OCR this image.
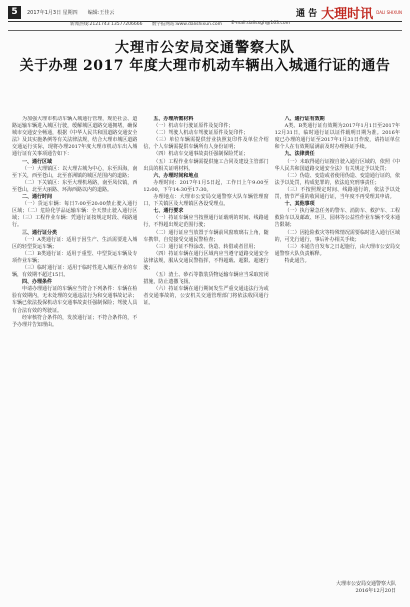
5	2017年1月3日 星期四 编辑:王佳云	通 告 大理时讯 DALI SHIXUN
新闻热线:2121743 13577206666 数字报网站:www.dalishixun.com E-mail:dalisxgh@163.com
大理市公安局交通警察大队
关于办理 2017 年度大理市机动车辆出入城通行证的通告

为加强大理市机动车辆入城通行管理，规范社会、道路运输车辆进入城区行驶，缓解城区道路交通拥堵，确保城市交通安全畅通，根据《中华人民共和国道路交通安全法》及其实施条例等有关法律法规，结合大理市城区道路交通运行实际，现将办理2017年度大理市机动车出入城通行证有关事项通告如下：

一、通行区域

（一）大理镇区：以大理古城为中心，东至洱海，南至下关，西至苍山，北至喜洲镇的城区范围内的道路；

（二）下关镇区：东至大理机场路，南至凤仪镇，西至苍山，北至大丽路、环海西路以内的道路。

二、通行时间

（一）货运车辆：每日7:00至20:00禁止驶入通行区域；（二）危险化学品运输车辆：全天禁止驶入通行区域；（三）工程作业车辆：凭通行证按规定时段、线路通行。

三、通行证分类

（一）A类通行证：适用于因生产、生活需要进入城区的轻型货运车辆；

（二）B类通行证：适用于重型、中型货运车辆及专项作业车辆；

（三）临时通行证：适用于临时性进入城区作业的车辆，有效期不超过15日。

四、办理条件

申请办理通行证的车辆应当符合下列条件：车辆在检验有效期内，无未处理的交通违法行为和交通事故记录；车辆已依法投保机动车交通事故责任强制保险；驾驶人具有合法有效的驾驶证。

经审核符合条件的，发放通行证；不符合条件的，不予办理并告知理由。

五、办理所需材料

（一）机动车行驶证原件及复印件；

（二）驾驶人机动车驾驶证原件及复印件；

（三）单位车辆需提供营业执照复印件及单位介绍信，个人车辆需提供车辆所有人身份证明；

（四）机动车交通事故责任强制保险凭证；

（五）工程作业车辆需提供施工合同及建设主管部门出具的相关证明材料。

六、办理时间和地点

办理时间：2017年1月5日起，工作日上午9:00至12:00，下午14:30至17:30。

办理地点：大理市公安局交通警察大队车辆管理窗口，下关镇区及大理镇区各设受理点。

七、通行要求

（一）持证车辆应当按照通行证载明的时间、线路通行，不得超出规定范围行驶；

（二）通行证应当放置于车辆前风窗玻璃右上角，随车携带，自觉接受交通民警检查；

（三）通行证不得涂改、伪造、转借或者冒用；

（四）持证车辆在通行区域内应当遵守道路交通安全法律法规，服从交通民警指挥，不得超载、超限、超速行驶；

（五）渣土、砂石等散装货物运输车辆应当采取密闭措施，防止遗撒飞扬。

（六）持证车辆在通行期间发生严重交通违法行为或者交通事故的，公安机关交通管理部门将依法收回通行证。

八、通行证有效期

A类、B类通行证有效期为2017年1月1日至2017年12月31日，临时通行证以证件载明日期为准。2016年度已办理的通行证至2017年1月31日作废，请持证单位和个人在有效期届满前及时办理换证手续。

九、法律责任

（一）未取得通行证擅自驶入通行区域的，依照《中华人民共和国道路交通安全法》有关规定予以处罚；

（二）伪造、变造或者使用伪造、变造通行证的，依法予以处罚，构成犯罪的，依法追究刑事责任；

（三）不按照规定时间、线路通行的，依法予以处罚，情节严重的收回通行证，当年度不再受理其申请。

十、其他事项

（一）执行紧急任务的警车、消防车、救护车、工程救险车以及邮政、环卫、园林等公益性作业车辆不受本通告限制；

（二）因抢险救灾等特殊情况需要临时进入通行区域的，可先行通行，事后补办相关手续；

（三）本通告自发布之日起施行，由大理市公安局交通警察大队负责解释。

特此通告。

大理市公安局交通警察大队
2016年12月20日
